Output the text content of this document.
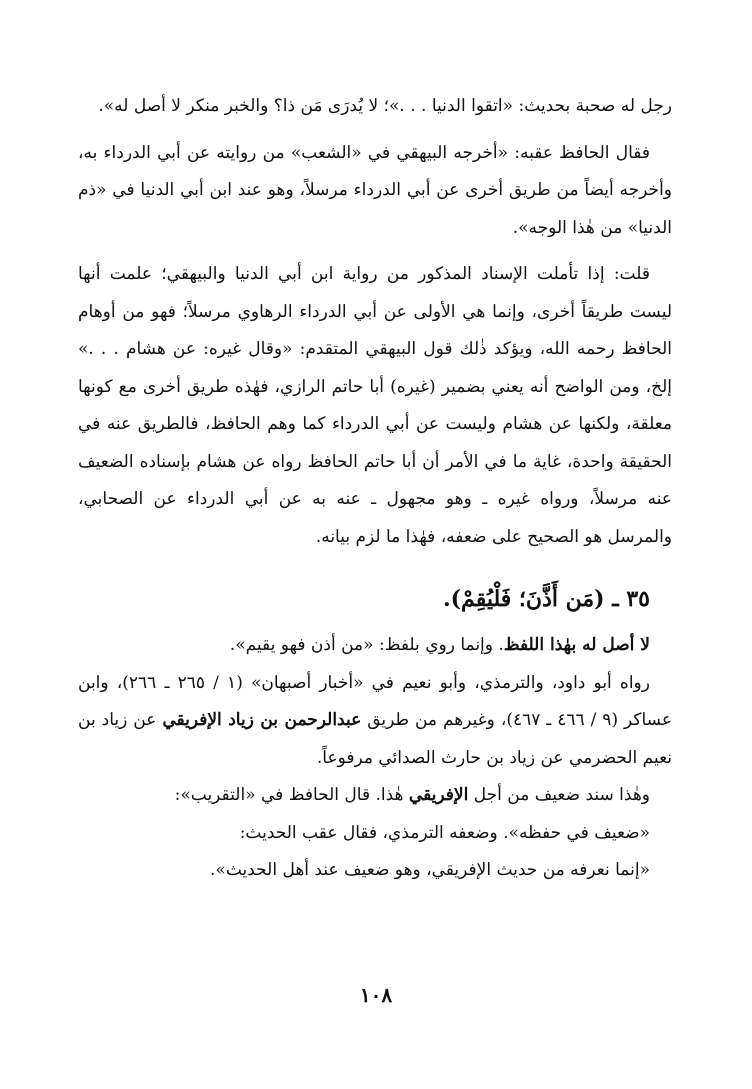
رجل له صحبة بحديث: «اتقوا الدنيا . . .»؛ لا يُدرَى مَن ذا؟ والخبر منكر لا أصل له».

فقال الحافظ عقبه: «أخرجه البيهقي في «الشعب» من روايته عن أبي الدرداء به، وأخرجه أيضاً من طريق أخرى عن أبي الدرداء مرسلاً، وهو عند ابن أبي الدنيا في «ذم الدنيا» من هٰذا الوجه».

قلت: إذا تأملت الإسناد المذكور من رواية ابن أبي الدنيا والبيهقي؛ علمت أنها ليست طريقاً أخرى، وإنما هي الأولى عن أبي الدرداء الرهاوي مرسلاً؛ فهو من أوهام الحافظ رحمه الله، ويؤكد ذٰلك قول البيهقي المتقدم: «وقال غيره: عن هشام . . .» إلخ، ومن الواضح أنه يعني بضمير (غيره) أبا حاتم الرازي، فهٰذه طريق أخرى مع كونها معلقة، ولكنها عن هشام وليست عن أبي الدرداء كما وهم الحافظ، فالطريق عنه في الحقيقة واحدة، غاية ما في الأمر أن أبا حاتم الحافظ رواه عن هشام بإسناده الضعيف عنه مرسلاً، ورواه غيره ـ وهو مجهول ـ عنه به عن أبي الدرداء عن الصحابي، والمرسل هو الصحيح على ضعفه، فهٰذا ما لزم بيانه.

٣٥ ـ (مَن أَذَّنَ؛ فَلْيُقِمْ).

لا أصل له بهٰذا اللفظ. وإنما روي بلفظ: «من أذن فهو يقيم».

رواه أبو داود، والترمذي، وأبو نعيم في «أخبار أصبهان» (١ / ٢٦٥ ـ ٢٦٦)، وابن عساكر (٩ / ٤٦٦ ـ ٤٦٧)، وغيرهم من طريق عبدالرحمن بن زياد الإفريقي عن زياد بن نعيم الحضرمي عن زياد بن حارث الصدائي مرفوعاً.

وهٰذا سند ضعيف من أجل الإفريقي هٰذا. قال الحافظ في «التقريب»:

«ضعيف في حفظه». وضعفه الترمذي، فقال عقب الحديث:

«إنما نعرفه من حديث الإفريقي، وهو ضعيف عند أهل الحديث».

١٠٨
